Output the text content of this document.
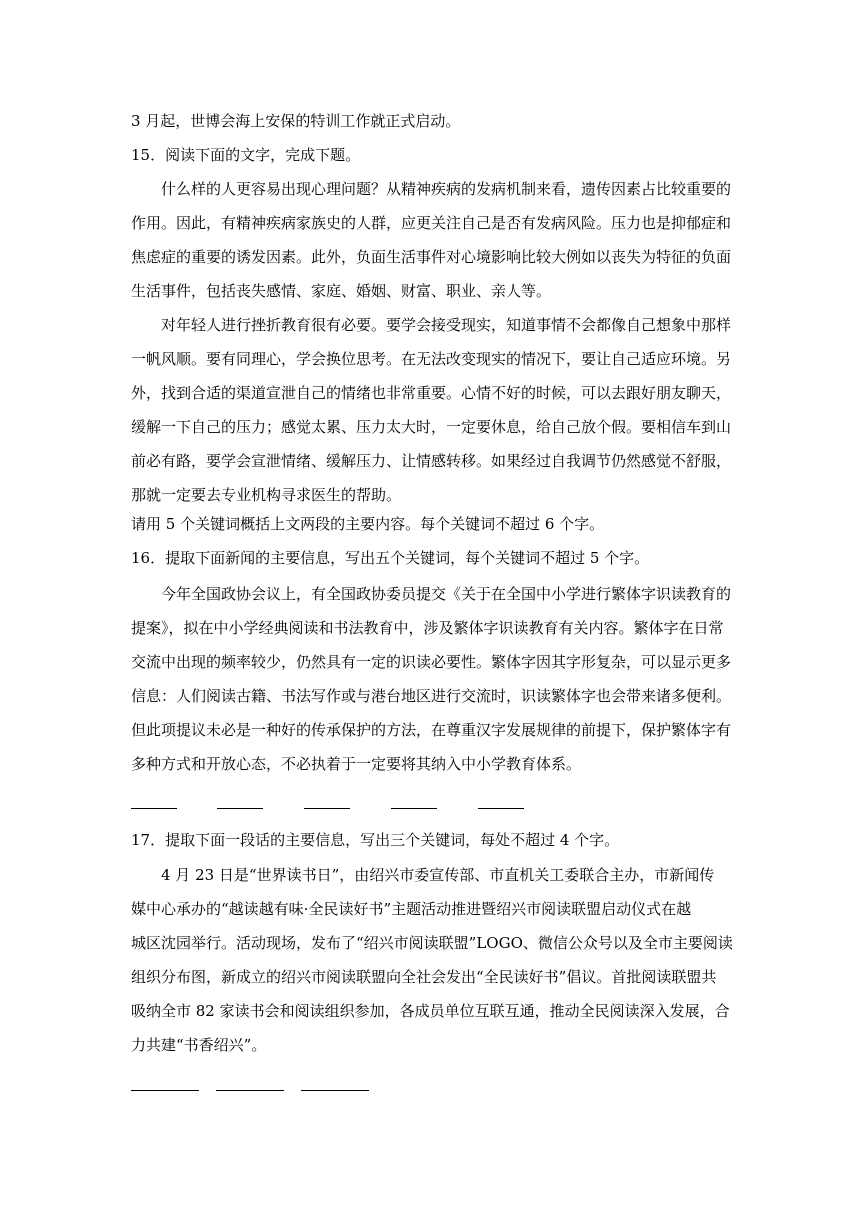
3 月起，世博会海上安保的特训工作就正式启动。
15．阅读下面的文字，完成下题。
什么样的人更容易出现心理问题？从精神疾病的发病机制来看，遗传因素占比较重要的
作用。因此，有精神疾病家族史的人群，应更关注自己是否有发病风险。压力也是抑郁症和
焦虑症的重要的诱发因素。此外，负面生活事件对心境影响比较大例如以丧失为特征的负面
生活事件，包括丧失感情、家庭、婚姻、财富、职业、亲人等。
对年轻人进行挫折教育很有必要。要学会接受现实，知道事情不会都像自己想象中那样
一帆风顺。要有同理心，学会换位思考。在无法改变现实的情况下，要让自己适应环境。另
外，找到合适的渠道宣泄自己的情绪也非常重要。心情不好的时候，可以去跟好朋友聊天，
缓解一下自己的压力；感觉太累、压力太大时，一定要休息，给自己放个假。要相信车到山
前必有路，要学会宣泄情绪、缓解压力、让情感转移。如果经过自我调节仍然感觉不舒服，
那就一定要去专业机构寻求医生的帮助。
请用 5 个关键词概括上文两段的主要内容。每个关键词不超过 6 个字。
16．提取下面新闻的主要信息，写出五个关键词，每个关键词不超过 5 个字。
今年全国政协会议上，有全国政协委员提交《关于在全国中小学进行繁体字识读教育的
提案》，拟在中小学经典阅读和书法教育中，涉及繁体字识读教育有关内容。繁体字在日常
交流中出现的频率较少，仍然具有一定的识读必要性。繁体字因其字形复杂，可以显示更多
信息：人们阅读古籍、书法写作或与港台地区进行交流时，识读繁体字也会带来诸多便利。
但此项提议未必是一种好的传承保护的方法，在尊重汉字发展规律的前提下，保护繁体字有
多种方式和开放心态，不必执着于一定要将其纳入中小学教育体系。
17．提取下面一段话的主要信息，写出三个关键词，每处不超过 4 个字。
4 月 23 日是“世界读书日”，由绍兴市委宣传部、市直机关工委联合主办，市新闻传
媒中心承办的“越读越有味·全民读好书”主题活动推进暨绍兴市阅读联盟启动仪式在越
城区沈园举行。活动现场，发布了“绍兴市阅读联盟”LOGO、微信公众号以及全市主要阅读
组织分布图，新成立的绍兴市阅读联盟向全社会发出“全民读好书”倡议。首批阅读联盟共
吸纳全市 82 家读书会和阅读组织参加，各成员单位互联互通，推动全民阅读深入发展，合
力共建“书香绍兴”。
